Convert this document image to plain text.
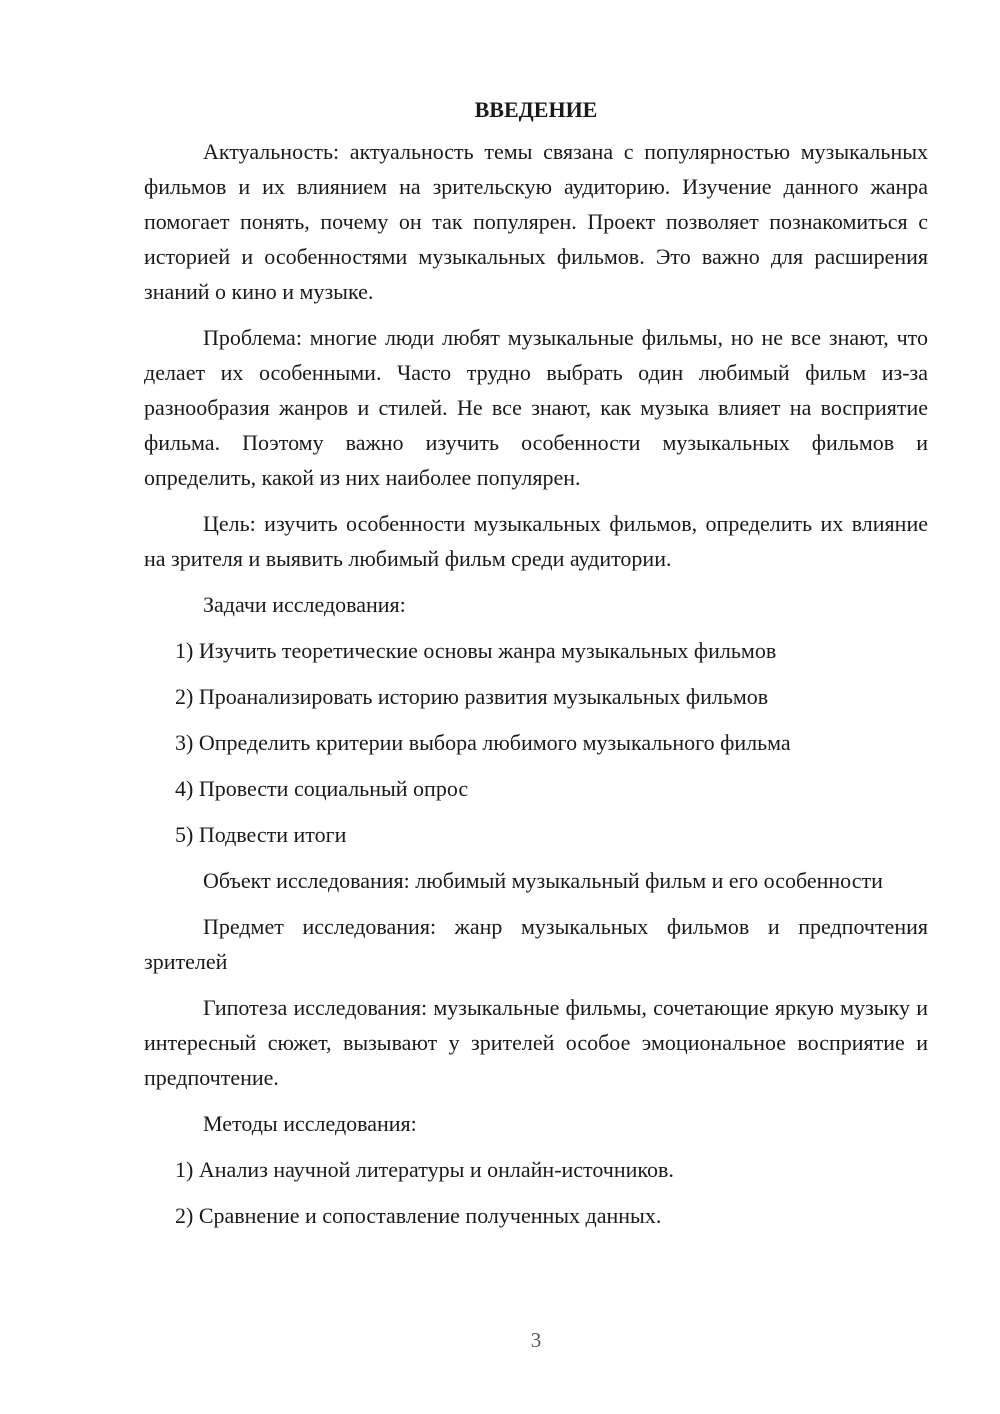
ВВЕДЕНИЕ

Актуальность: актуальность темы связана с популярностью музыкальных фильмов и их влиянием на зрительскую аудиторию. Изучение данного жанра помогает понять, почему он так популярен. Проект позволяет познакомиться с историей и особенностями музыкальных фильмов. Это важно для расширения знаний о кино и музыке.

Проблема: многие люди любят музыкальные фильмы, но не все знают, что делает их особенными. Часто трудно выбрать один любимый фильм из-за разнообразия жанров и стилей. Не все знают, как музыка влияет на восприятие фильма. Поэтому важно изучить особенности музыкальных фильмов и определить, какой из них наиболее популярен.

Цель: изучить особенности музыкальных фильмов, определить их влияние на зрителя и выявить любимый фильм среди аудитории.

Задачи исследования:

1) Изучить теоретические основы жанра музыкальных фильмов

2) Проанализировать историю развития музыкальных фильмов

3) Определить критерии выбора любимого музыкального фильма

4) Провести социальный опрос

5) Подвести итоги

Объект исследования: любимый музыкальный фильм и его особенности

Предмет исследования: жанр музыкальных фильмов и предпочтения зрителей

Гипотеза исследования: музыкальные фильмы, сочетающие яркую музыку и интересный сюжет, вызывают у зрителей особое эмоциональное восприятие и предпочтение.

Методы исследования:

1) Анализ научной литературы и онлайн-источников.

2) Сравнение и сопоставление полученных данных.

3
